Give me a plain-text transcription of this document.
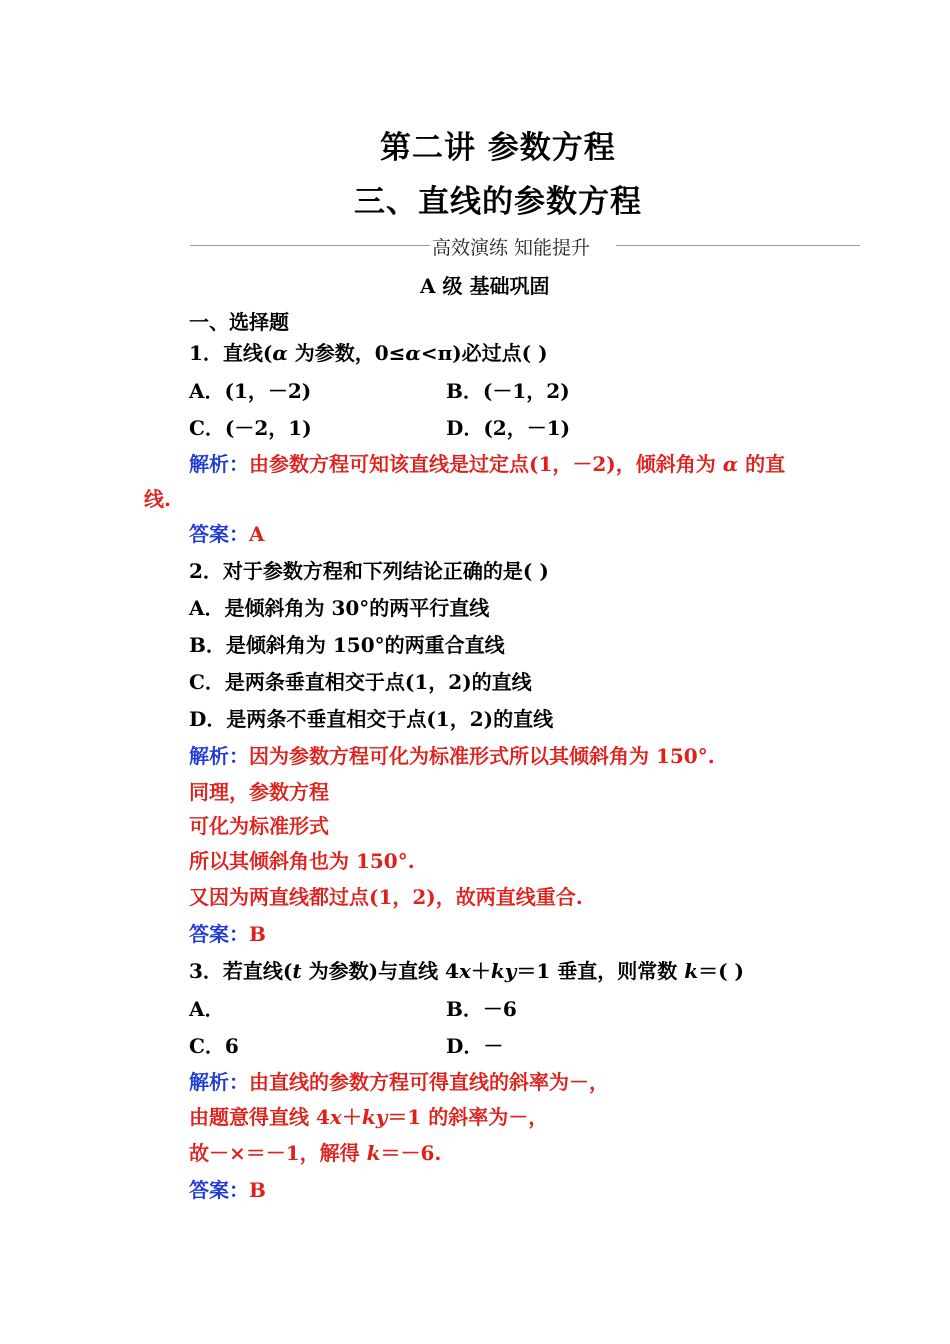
第二讲 参数方程
三、直线的参数方程
高效演练 知能提升
A 级 基础巩固
一、选择题
1．直线(α 为参数，0≤α<π)必过点( )
A．(1，－2)	B．(－1，2)
C．(－2，1)	D．(2，－1)
解析：由参数方程可知该直线是过定点(1，－2)，倾斜角为 α 的直
线.
答案：A
2．对于参数方程和下列结论正确的是( )
A．是倾斜角为 30°的两平行直线
B．是倾斜角为 150°的两重合直线
C．是两条垂直相交于点(1，2)的直线
D．是两条不垂直相交于点(1，2)的直线
解析：因为参数方程可化为标准形式所以其倾斜角为 150°.
同理，参数方程
可化为标准形式
所以其倾斜角也为 150°.
又因为两直线都过点(1，2)，故两直线重合.
答案：B
3．若直线(t 为参数)与直线 4x＋ky＝1 垂直，则常数 k＝( )
A．	B．－6
C．6	D．－
解析：由直线的参数方程可得直线的斜率为－，
由题意得直线 4x＋ky＝1 的斜率为－，
故－×＝－1，解得 k＝－6.
答案：B
